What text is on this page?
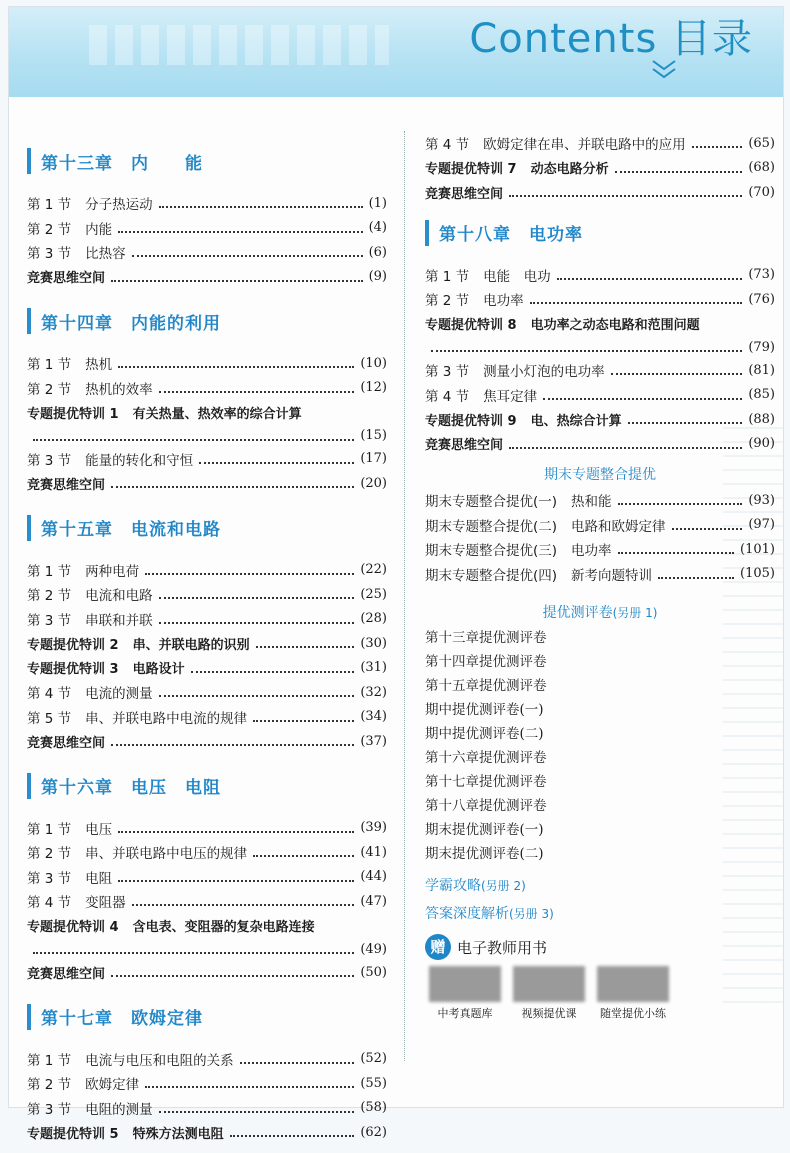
Contents 目录
第十三章　内　　能
第 1 节 分子热运动	(1)
第 2 节 内能	(4)
第 3 节 比热容	(6)
竞赛思维空间	(9)
第十四章　内能的利用
第 1 节 热机	(10)
第 2 节 热机的效率	(12)
专题提优特训 1 有关热量、热效率的综合计算
(15)
第 3 节 能量的转化和守恒	(17)
竞赛思维空间	(20)
第十五章　电流和电路
第 1 节 两种电荷	(22)
第 2 节 电流和电路	(25)
第 3 节 串联和并联	(28)
专题提优特训 2 串、并联电路的识别	(30)
专题提优特训 3 电路设计	(31)
第 4 节 电流的测量	(32)
第 5 节 串、并联电路中电流的规律	(34)
竞赛思维空间	(37)
第十六章　电压　电阻
第 1 节 电压	(39)
第 2 节 串、并联电路中电压的规律	(41)
第 3 节 电阻	(44)
第 4 节 变阻器	(47)
专题提优特训 4 含电表、变阻器的复杂电路连接
(49)
竞赛思维空间	(50)
第十七章　欧姆定律
第 1 节 电流与电压和电阻的关系	(52)
第 2 节 欧姆定律	(55)
第 3 节 电阻的测量	(58)
专题提优特训 5 特殊方法测电阻	(62)
第 4 节 欧姆定律在串、并联电路中的应用	(65)
专题提优特训 7 动态电路分析	(68)
竞赛思维空间	(70)
第十八章　电功率
第 1 节 电能　电功	(73)
第 2 节 电功率	(76)
专题提优特训 8 电功率之动态电路和范围问题
(79)
第 3 节 测量小灯泡的电功率	(81)
第 4 节 焦耳定律	(85)
专题提优特训 9 电、热综合计算	(88)
竞赛思维空间	(90)
期末专题整合提优
期末专题整合提优(一) 热和能	(93)
期末专题整合提优(二) 电路和欧姆定律	(97)
期末专题整合提优(三) 电功率	(101)
期末专题整合提优(四) 新考向题特训	(105)
提优测评卷(另册 1)
第十三章提优测评卷
第十四章提优测评卷
第十五章提优测评卷
期中提优测评卷(一)
期中提优测评卷(二)
第十六章提优测评卷
第十七章提优测评卷
第十八章提优测评卷
期末提优测评卷(一)
期末提优测评卷(二)
学霸攻略(另册 2)
答案深度解析(另册 3)
赠 电子教师用书
中考真题库	视频提优课	随堂提优小练
